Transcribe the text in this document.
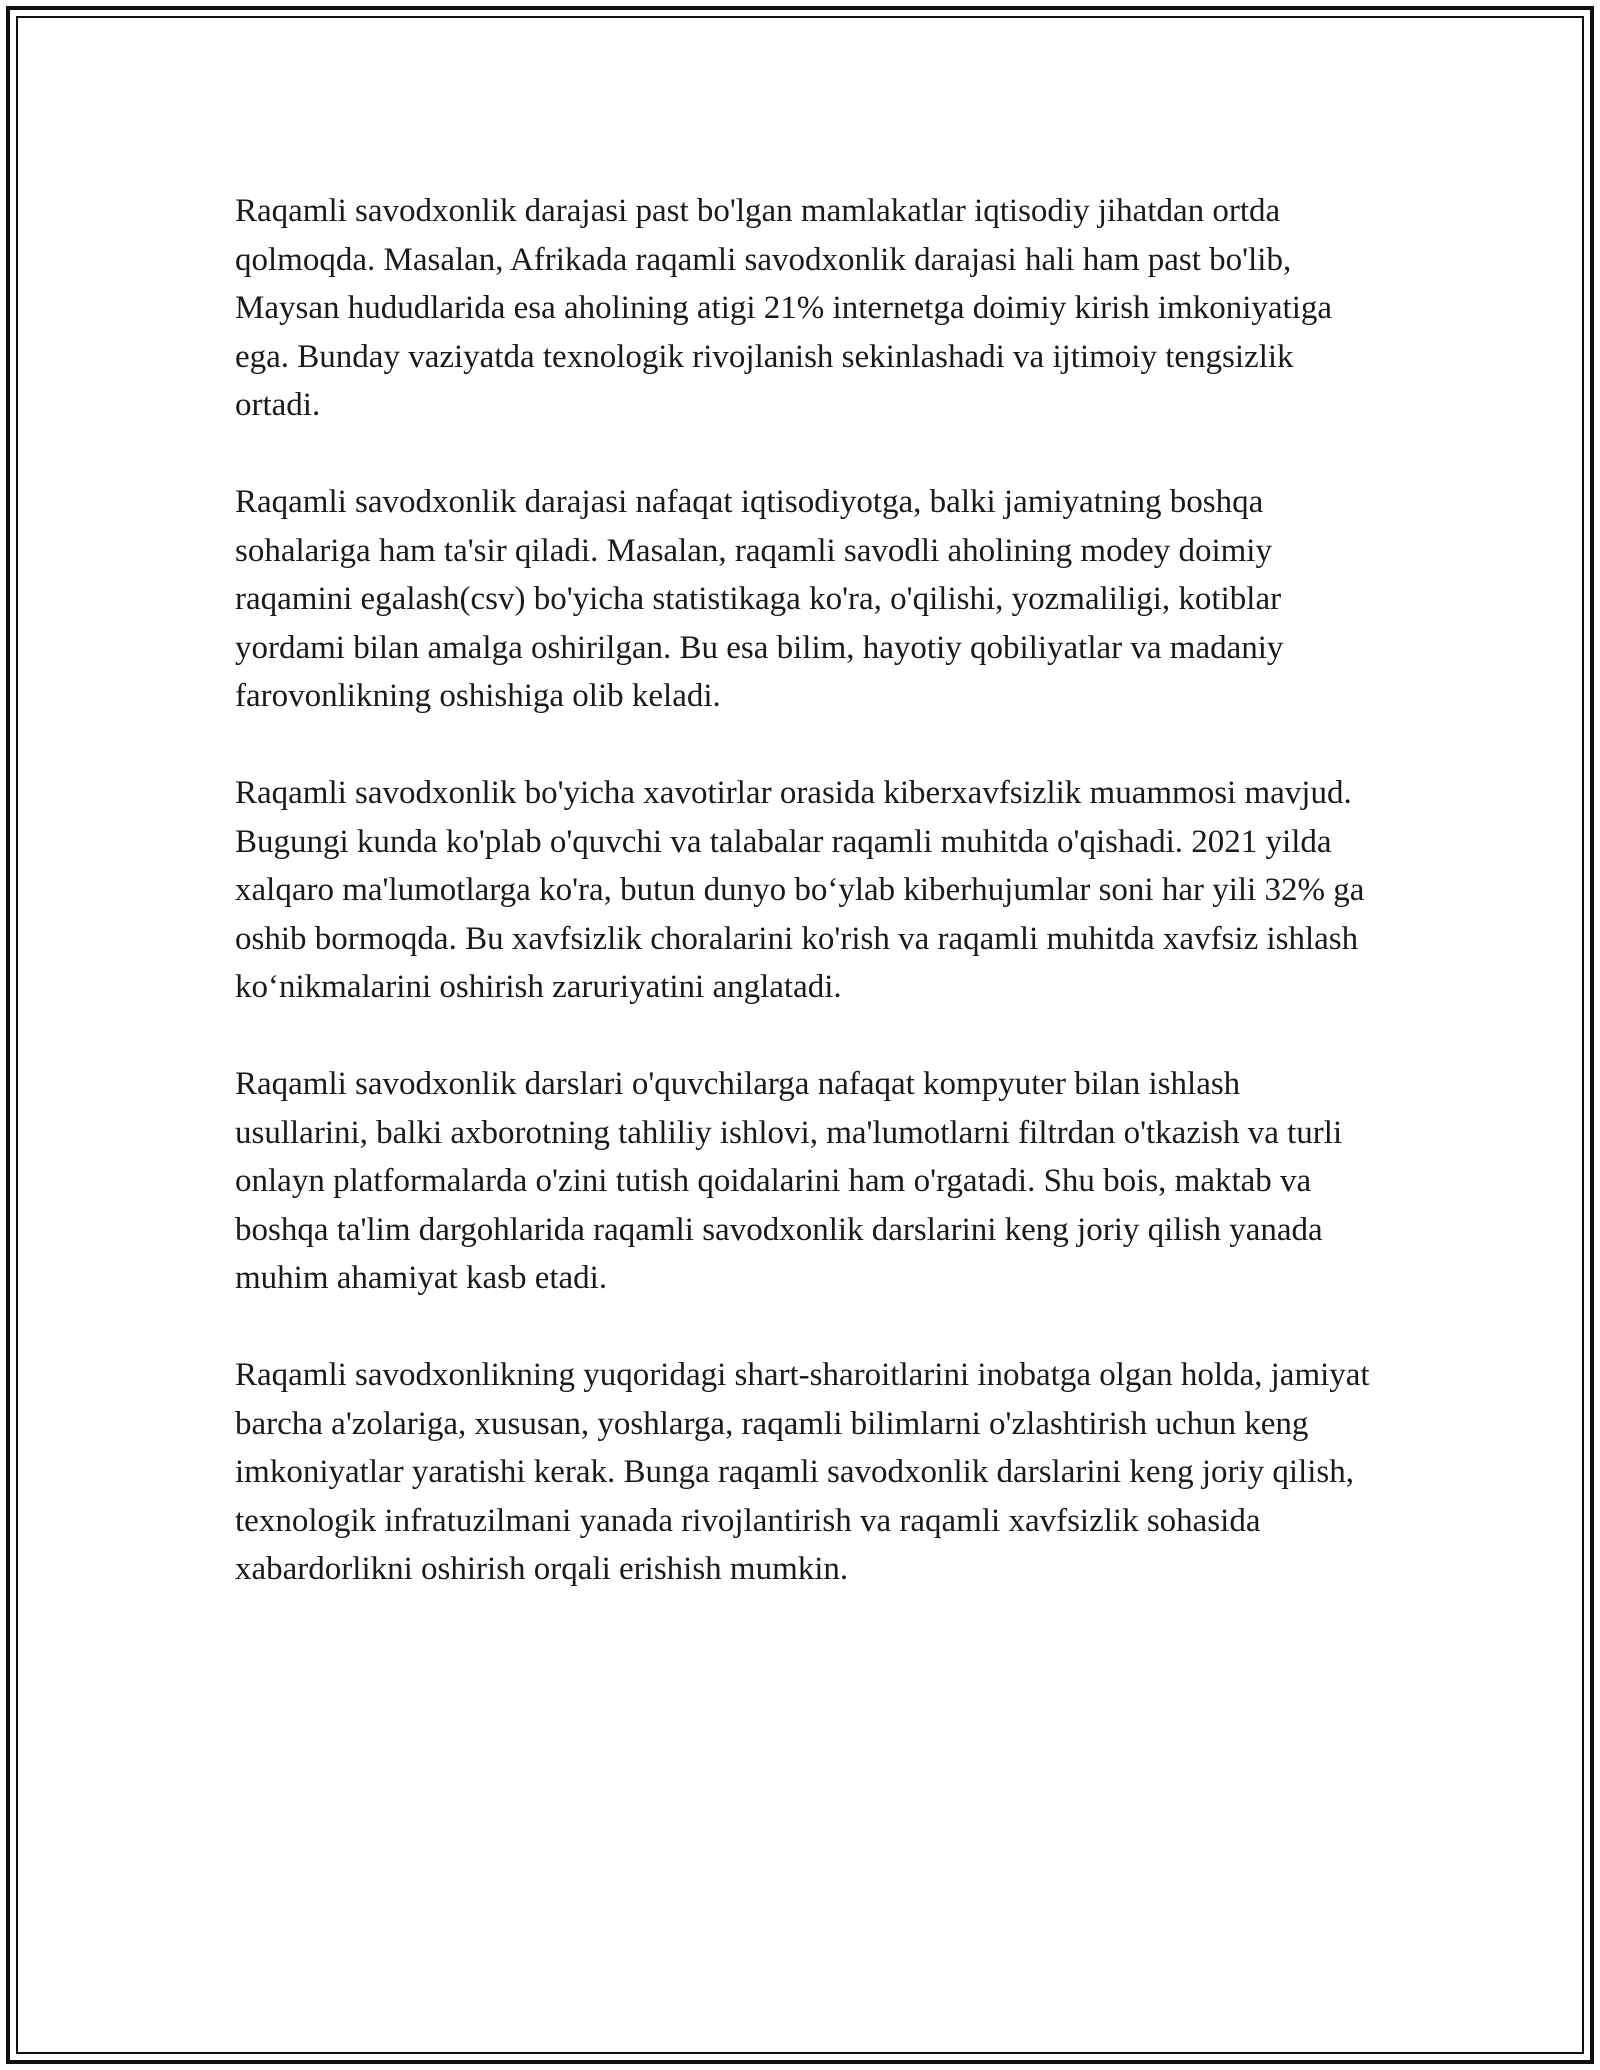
Raqamli savodxonlik darajasi past bo'lgan mamlakatlar iqtisodiy jihatdan ortda qolmoqda. Masalan, Afrikada raqamli savodxonlik darajasi hali ham past bo'lib, Maysan hududlarida esa aholining atigi 21% internetga doimiy kirish imkoniyatiga ega. Bunday vaziyatda texnologik rivojlanish sekinlashadi va ijtimoiy tengsizlik ortadi.

Raqamli savodxonlik darajasi nafaqat iqtisodiyotga, balki jamiyatning boshqa sohalariga ham ta'sir qiladi. Masalan, raqamli savodli aholining modey doimiy raqamini egalash(csv) bo'yicha statistikaga ko'ra, o'qilishi, yozmaliligi, kotiblar yordami bilan amalga oshirilgan. Bu esa bilim, hayotiy qobiliyatlar va madaniy farovonlikning oshishiga olib keladi.

Raqamli savodxonlik bo'yicha xavotirlar orasida kiberxavfsizlik muammosi mavjud. Bugungi kunda ko'plab o'quvchi va talabalar raqamli muhitda o'qishadi. 2021 yilda xalqaro ma'lumotlarga ko'ra, butun dunyo bo‘ylab kiberhujumlar soni har yili 32% ga oshib bormoqda. Bu xavfsizlik choralarini ko'rish va raqamli muhitda xavfsiz ishlash ko‘nikmalarini oshirish zaruriyatini anglatadi.

Raqamli savodxonlik darslari o'quvchilarga nafaqat kompyuter bilan ishlash usullarini, balki axborotning tahliliy ishlovi, ma'lumotlarni filtrdan o'tkazish va turli onlayn platformalarda o'zini tutish qoidalarini ham o'rgatadi. Shu bois, maktab va boshqa ta'lim dargohlarida raqamli savodxonlik darslarini keng joriy qilish yanada muhim ahamiyat kasb etadi.

Raqamli savodxonlikning yuqoridagi shart-sharoitlarini inobatga olgan holda, jamiyat barcha a'zolariga, xususan, yoshlarga, raqamli bilimlarni o'zlashtirish uchun keng imkoniyatlar yaratishi kerak. Bunga raqamli savodxonlik darslarini keng joriy qilish, texnologik infratuzilmani yanada rivojlantirish va raqamli xavfsizlik sohasida xabardorlikni oshirish orqali erishish mumkin.
